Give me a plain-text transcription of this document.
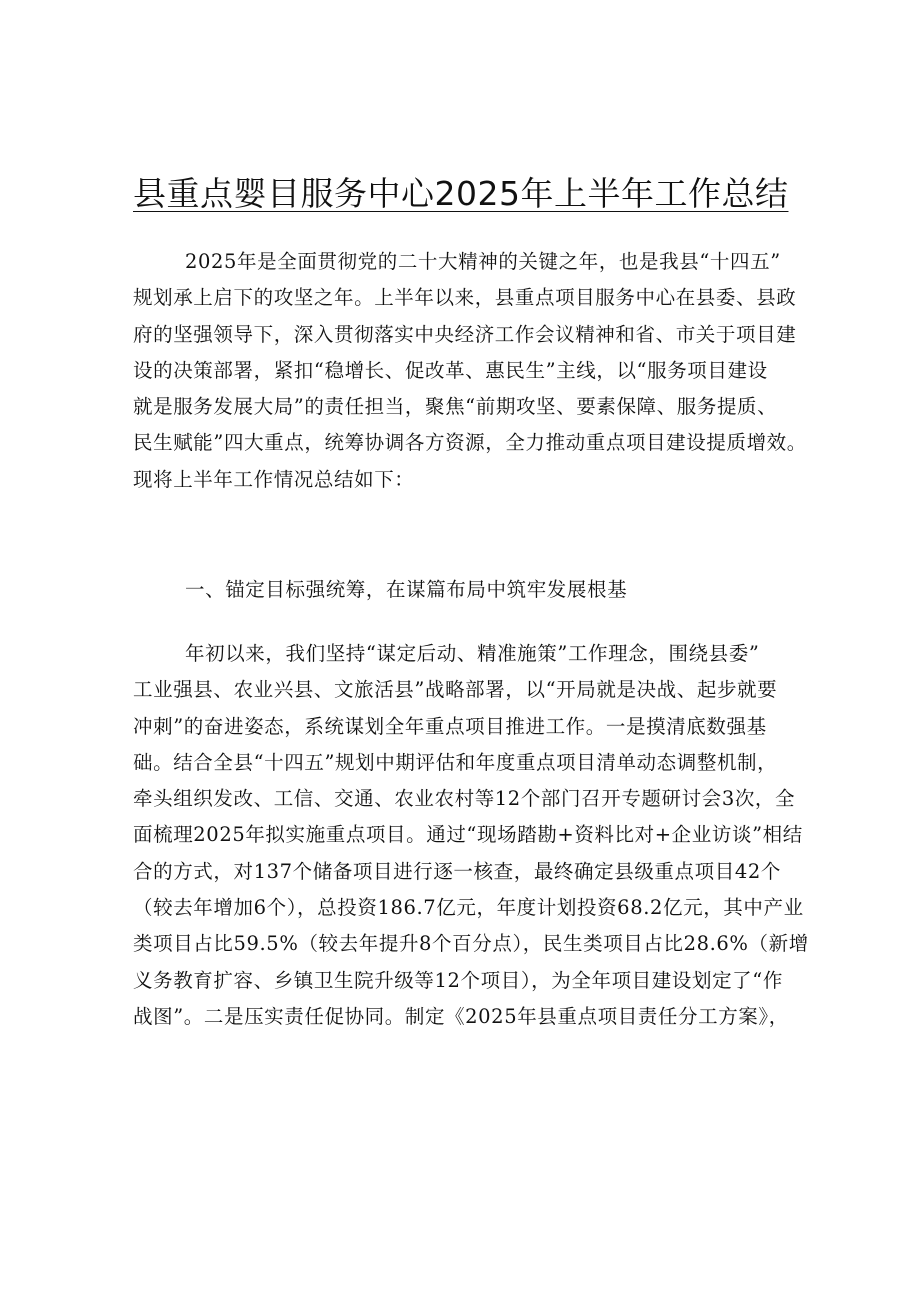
县重点婴目服务中心2025年上半年工作总结
2025年是全面贯彻党的二十大精神的关键之年，也是我县“十四五”
规划承上启下的攻坚之年。上半年以来，县重点项目服务中心在县委、县政
府的坚强领导下，深入贯彻落实中央经济工作会议精神和省、市关于项目建
设的决策部署，紧扣“稳增长、促改革、惠民生”主线，以“服务项目建设
就是服务发展大局”的责任担当，聚焦“前期攻坚、要素保障、服务提质、
民生赋能”四大重点，统筹协调各方资源，全力推动重点项目建设提质增效。
现将上半年工作情况总结如下：
一、锚定目标强统筹，在谋篇布局中筑牢发展根基
年初以来，我们坚持“谋定后动、精准施策”工作理念，围绕县委”
工业强县、农业兴县、文旅活县”战略部署，以“开局就是决战、起步就要
冲刺”的奋进姿态，系统谋划全年重点项目推进工作。一是摸清底数强基
础。结合全县“十四五”规划中期评估和年度重点项目清单动态调整机制，
牵头组织发改、工信、交通、农业农村等12个部门召开专题研讨会3次，全
面梳理2025年拟实施重点项目。通过“现场踏勘+资料比对+企业访谈”相结
合的方式，对137个储备项目进行逐一核查，最终确定县级重点项目42个
（较去年增加6个），总投资186.7亿元，年度计划投资68.2亿元，其中产业
类项目占比59.5%（较去年提升8个百分点），民生类项目占比28.6%（新增
义务教育扩容、乡镇卫生院升级等12个项目），为全年项目建设划定了“作
战图”。二是压实责任促协同。制定《2025年县重点项目责任分工方案》，
